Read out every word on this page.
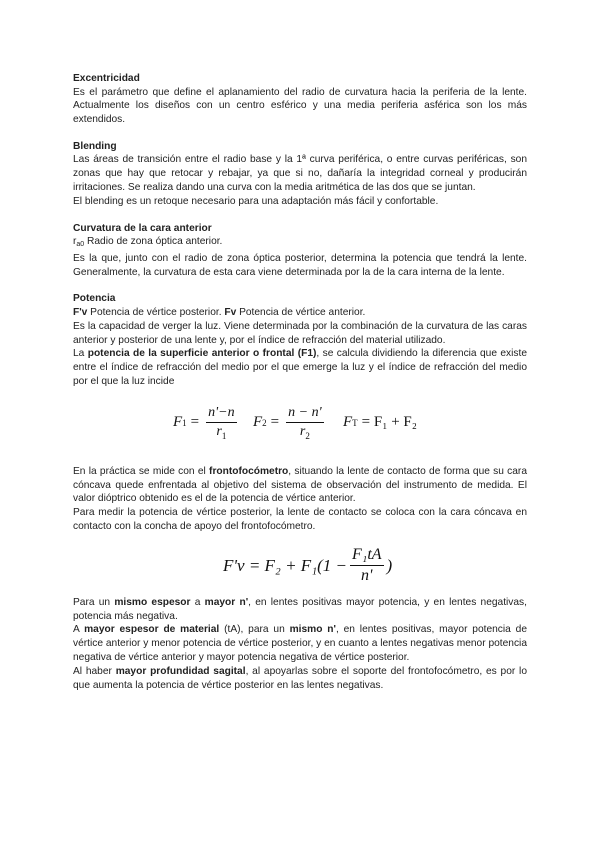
Excentricidad

Es el parámetro que define el aplanamiento del radio de curvatura hacia la periferia de la lente. Actualmente los diseños con un centro esférico y una media periferia asférica son los más extendidos.

Blending

Las áreas de transición entre el radio base y la 1ª curva periférica, o entre curvas periféricas, son zonas que hay que retocar y rebajar, ya que si no, dañaría la integridad corneal y producirán irritaciones. Se realiza dando una curva con la media aritmética de las dos que se juntan.

El blending es un retoque necesario para una adaptación más fácil y confortable.

Curvatura de la cara anterior

$r_{a0}$ Radio de zona óptica anterior.

Es la que, junto con el radio de zona óptica posterior, determina la potencia que tendrá la lente. Generalmente, la curvatura de esta cara viene determinada por la de la cara interna de la lente.

Potencia

F'v Potencia de vértice posterior. Fv Potencia de vértice anterior.

Es la capacidad de verger la luz. Viene determinada por la combinación de la curvatura de las caras anterior y posterior de una lente y, por el índice de refracción del material utilizado.

La potencia de la superficie anterior o frontal (F1), se calcula dividiendo la diferencia que existe entre el índice de refracción del medio por el que emerge la luz y el índice de refracción del medio por el que la luz incide

F $1 = \frac{n'-n}{r_1}$ F $2 = \frac{n - n'}{r_2}$ F T = F₁ + F₂

En la práctica se mide con el frontofocómetro, situando la lente de contacto de forma que su cara cóncava quede enfrentada al objetivo del sistema de observación del instrumento de medida. El valor dióptrico obtenido es el de la potencia de vértice anterior.

Para medir la potencia de vértice posterior, la lente de contacto se coloca con la cara cóncava en contacto con la concha de apoyo del frontofocómetro.

$F'v = F_2 + F_1(1 - \frac{\text{F₁tA}}{n'}$ )

Para un mismo espesor a mayor n', en lentes positivas mayor potencia, y en lentes negativas, potencia más negativa.

A mayor espesor de material (tA), para un mismo n', en lentes positivas, mayor potencia de vértice anterior y menor potencia de vértice posterior, y en cuanto a lentes negativas menor potencia negativa de vértice anterior y mayor potencia negativa de vértice posterior.

Al haber mayor profundidad sagital, al apoyarlas sobre el soporte del frontofocómetro, es por lo que aumenta la potencia de vértice posterior en las lentes negativas.
